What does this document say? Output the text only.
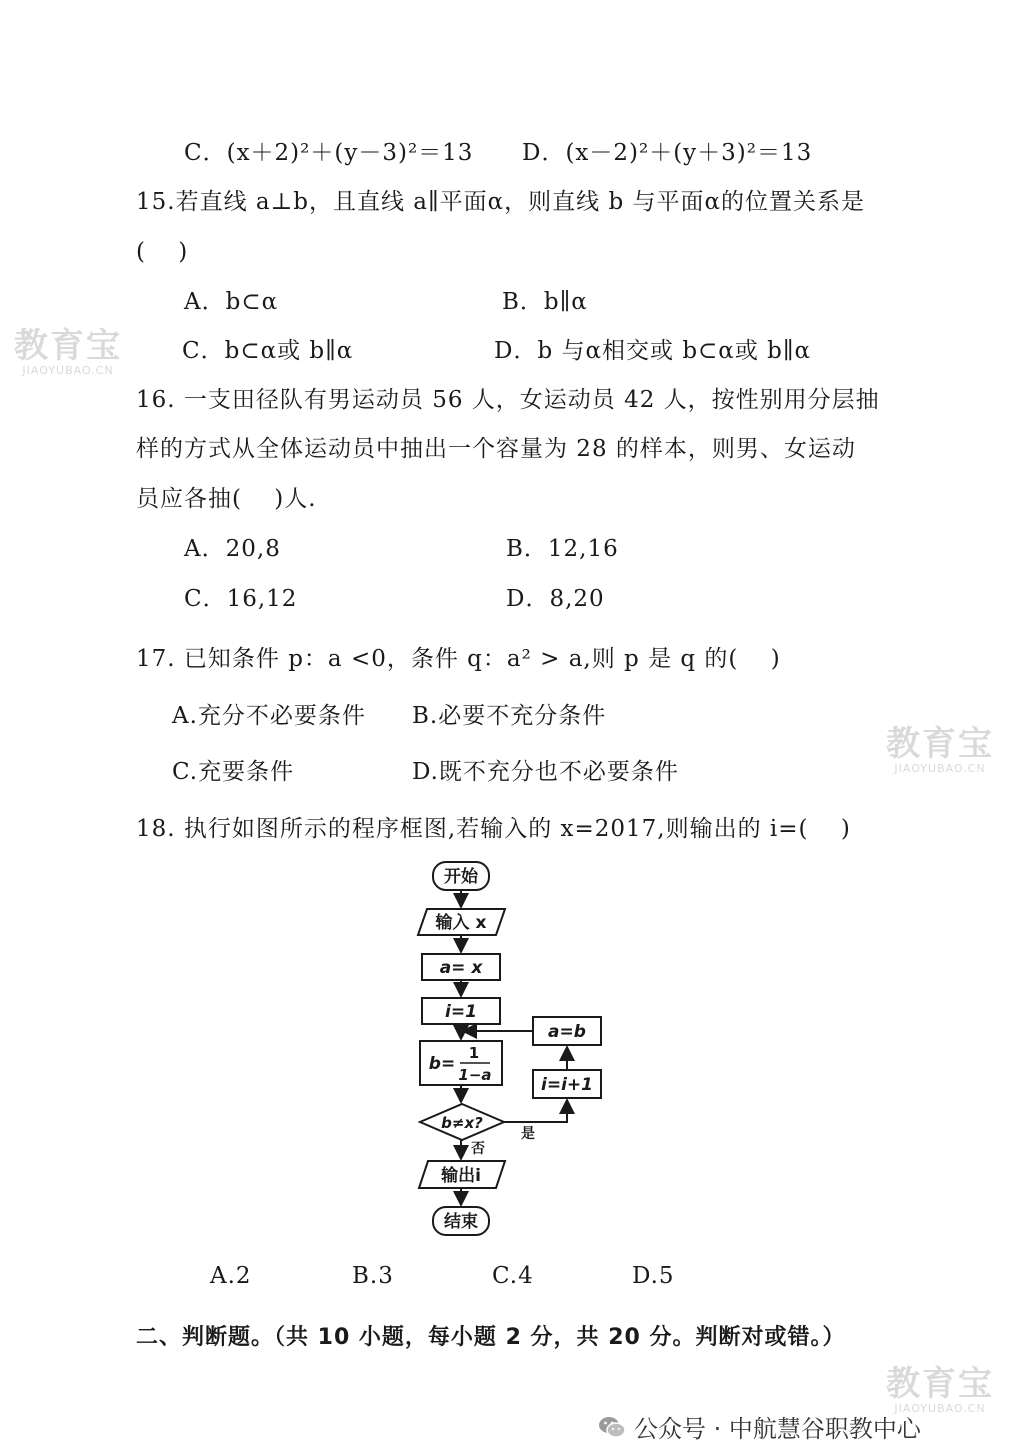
教育宝
JIAOYUBAO.CN
教育宝
JIAOYUBAO.CN
教育宝
JIAOYUBAO.CN
C．(x＋2)²＋(y－3)²＝13 D．(x－2)²＋(y＋3)²＝13
15.若直线 a⊥b，且直线 a∥平面α，则直线 b 与平面α的位置关系是
(　 )
A．b⊂α	B．b∥α
C．b⊂α或 b∥α	D．b 与α相交或 b⊂α或 b∥α
16. 一支田径队有男运动员 56 人，女运动员 42 人，按性别用分层抽
样的方式从全体运动员中抽出一个容量为 28 的样本，则男、女运动
员应各抽(　 )人.
A．20,8	B．12,16
C．16,12	D．8,20
17. 已知条件 p：a <0，条件 q：a² > a,则 p 是 q 的(　 )
A.充分不必要条件 B.必要不充分条件
C.充要条件	D.既不充分也不必要条件
18. 执行如图所示的程序框图,若输入的 x=2017,则输出的 i=(　 )
开始
输入 x
a= x
i=1
b=
1
1−a
b≠x?
否
是
i=i+1
a=b
输出i
结束
A.2	B.3	C.4	D.5
二、判断题。（共 10 小题，每小题 2 分，共 20 分。判断对或错。）
公众号 · 中航慧谷职教中心
